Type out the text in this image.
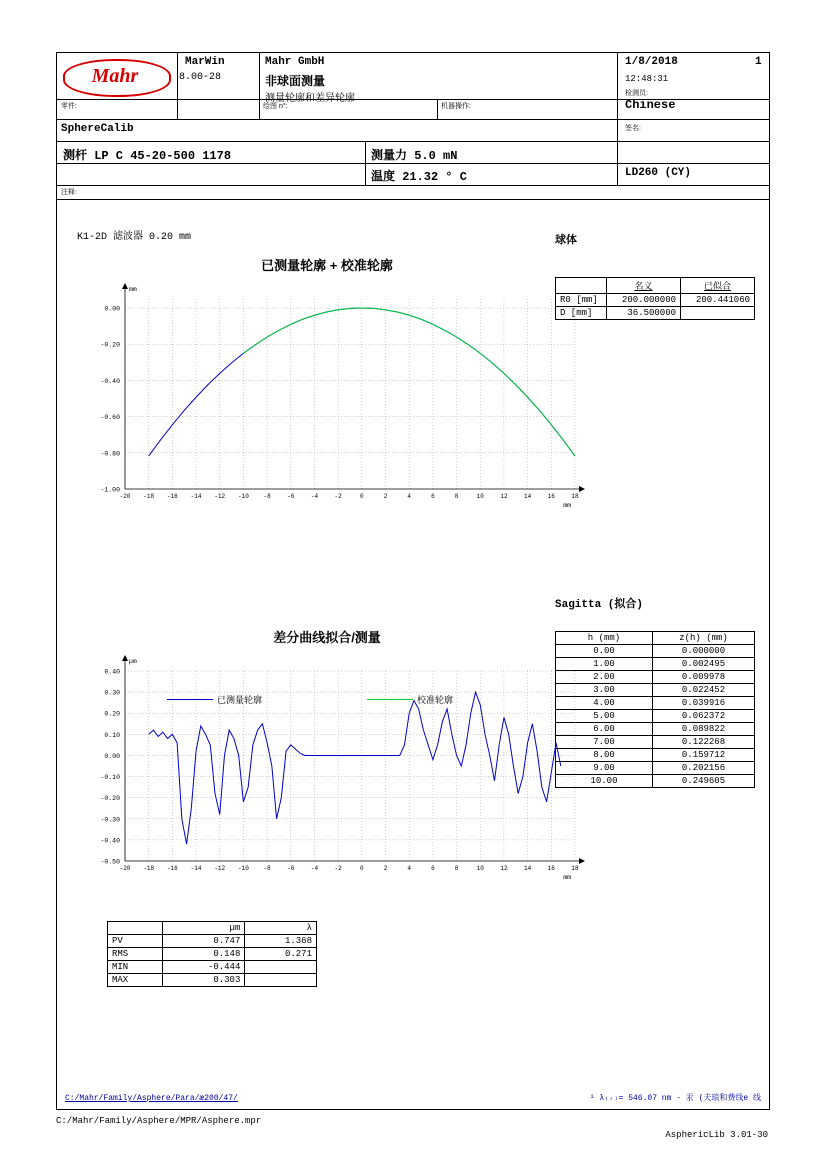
Mahr
MarWin
8.00-28
Mahr GmbH
非球面测量
测量轮廓和差异轮廓
1/8/2018	1
12:48:31
检测员:
Chinese
签名:
零件:	绘图 n°:	机器操作:
SphereCalib
测杆 LP C 45-20-500 1178	测量力 5.0 mN
温度 21.32 ° C	LD260 (CY)
注释:
K1-2D 滤波器 0.20 mm
已测量轮廓 + 校准轮廓
-20 -18 -16 -14 -12 -10 -8	-6	-4	-2	0	2	4	6	8	10	12	14	16	18
0.00
-0.20
-0.40
-0.60
-0.80
-1.00
mm
mm
已测量轮廓	校准轮廓
球体
	名义	已似合
R0 [mm]	200.000000	200.441060
D [mm]	36.500000	
Sagitta (拟合)
h (mm)	z(h) (mm)
0.00	0.000000
1.00	0.002495
2.00	0.009978
3.00	0.022452
4.00	0.039916
5.00	0.062372
6.00	0.089822
7.00	0.122268
8.00	0.159712
9.00	0.202156
10.00	0.249605
差分曲线拟合/测量
-20 -18 -16 -14 -12 -10 -8	-6	-4	-2	0	2	4	6	8	10	12	14	16	18
0.40
0.30
0.20
0.10
0.00
-0.10
-0.20
-0.30
-0.40
-0.50
µm
mm
	µm	λ
PV	0.747	1.368
RMS	0.148	0.271
MIN	-0.444	
MAX	0.303	
C:/Mahr/Family/Asphere/Para/æ200/47/	¹ λ₍ᵣ₎= 546.07 nm - 汞 (夫琅和费线e 线
C:/Mahr/Family/Asphere/MPR/Asphere.mpr
AsphericLib 3.01-30
